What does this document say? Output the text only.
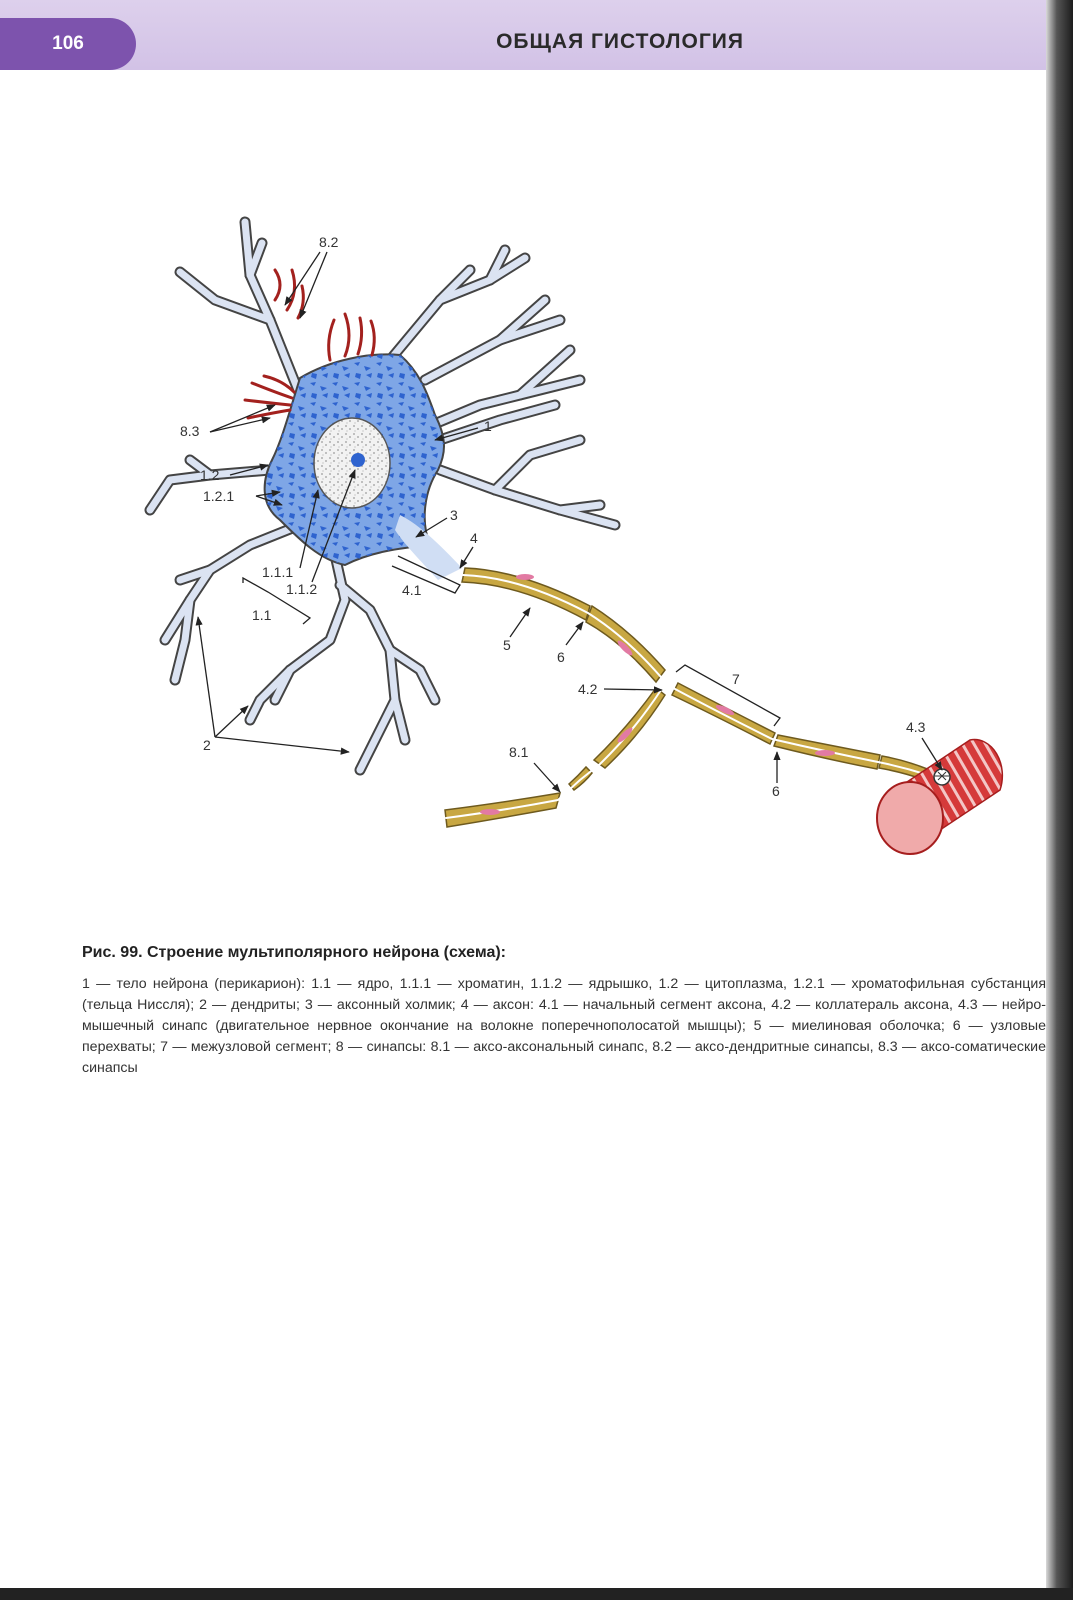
106	ОБЩАЯ ГИСТОЛОГИЯ
8.2
8.3	1
1.2
1.2.1
3
4
1.1.1
1.1.2	4.1
1.1
5
6
7
4.2
2	8.1
6
4.3
Рис. 99. Строение мультиполярного нейрона (схема):
1 — тело нейрона (перикарион): 1.1 — ядро, 1.1.1 — хроматин, 1.1.2 — ядрышко, 1.2 — цитоплазма, 1.2.1 — хроматофильная субстанция (тельца Ниссля); 2 — дендриты; 3 — аксонный холмик; 4 — аксон: 4.1 — начальный сегмент аксона, 4.2 — коллатераль аксона, 4.3 — нейро-мышечный синапс (двигательное нервное окончание на волокне поперечнополосатой мышцы); 5 — миелиновая оболочка; 6 — узловые перехваты; 7 — межузловой сегмент; 8 — синапсы: 8.1 — аксо-аксональный синапс, 8.2 — аксо-дендритные синапсы, 8.3 — аксо-соматические синапсы
